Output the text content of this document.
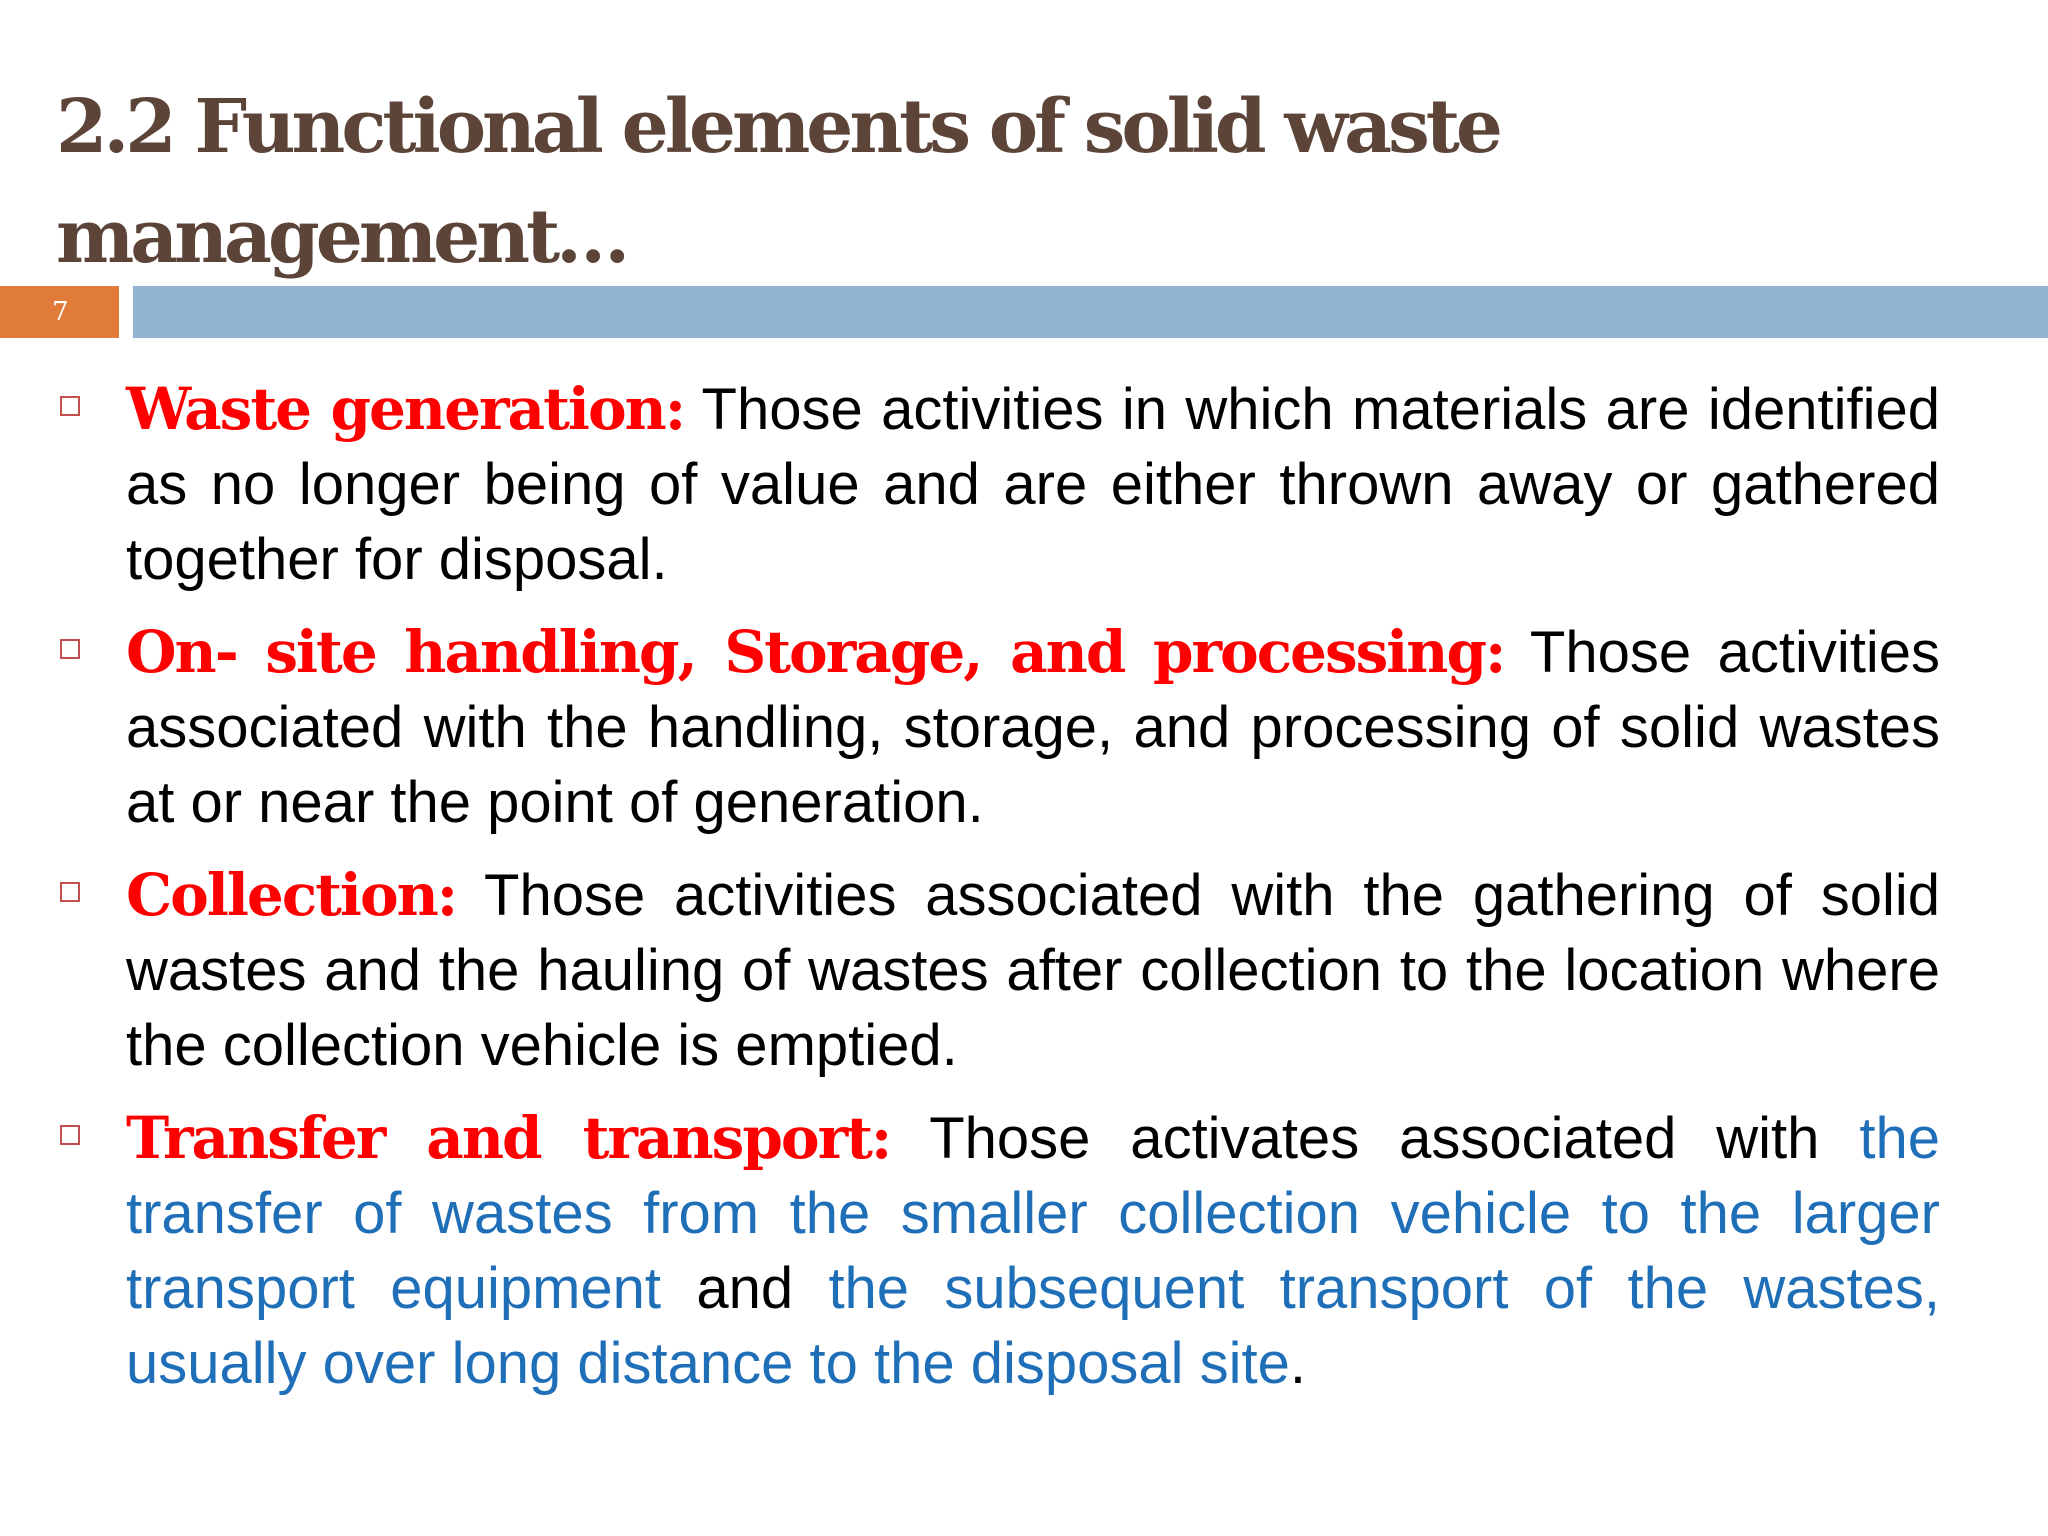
2.2 Functional elements of solid waste management…
7
Waste generation: Those activities in which materials are identified as no longer being of value and are either thrown away or gathered together for disposal.
On- site handling, Storage, and processing: Those activities associated with the handling, storage, and processing of solid wastes at or near the point of generation.
Collection: Those activities associated with the gathering of solid wastes and the hauling of wastes after collection to the location where the collection vehicle is emptied.
Transfer and transport: Those activates associated with the transfer of wastes from the smaller collection vehicle to the larger transport equipment and the subsequent transport of the wastes, usually over long distance to the disposal site.
